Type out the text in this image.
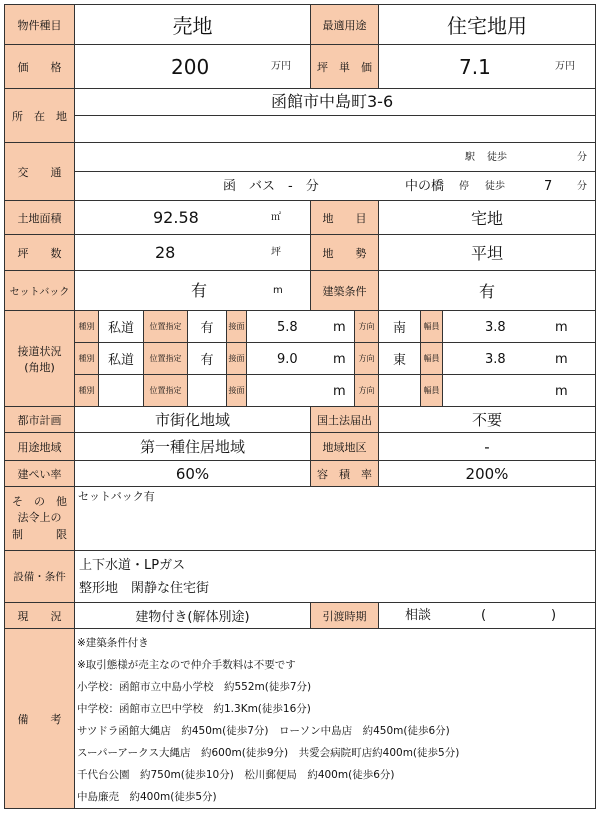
物件種目	売地	最適用途	住宅地用
価　　格	200	万円	坪　単　価	7.1	万円
所　在　地
函館市中島町3-6
交　　通
駅 徒歩	分
函　バス　-　分	中の橋 停 徒歩	7 分
土地面積	92.58	㎡	地　　目	宅地
坪　　数	28	坪	地　　勢	平坦
セットバック	有	m	建築条件	有
接道状況
(角地)
種別	私道	位置指定	有	接面	5.8	m	方向	南	幅員	3.8	m
種別	私道	位置指定	有	接面	9.0	m	方向	東	幅員	3.8	m
種別	位置指定	接面	m	方向	幅員	m
都市計画	市街化地域	国土法届出	不要
用途地域	第一種住居地域	地域地区	-
建ぺい率	60%	容　積　率	200%
そ　の　他
法令上の
制　　　限
セットバック有
設備・条件
上下水道・LPガス
整形地　閑静な住宅街
現　　況	建物付き(解体別途)	引渡時期	相談	(	)
備　　考
※建築条件付き
※取引態様が売主なので仲介手数料は不要です
小学校：函館市立中島小学校　約552m(徒歩7分)
中学校：函館市立巴中学校　約1.3Km(徒歩16分)
サツドラ函館大縄店　約450m(徒歩7分)　ローソン中島店　約450m(徒歩6分)
スーパーアークス大縄店　約600m(徒歩9分)　共愛会病院町店約400m(徒歩5分)
千代台公園　約750m(徒歩10分)　松川郵便局　約400m(徒歩6分)
中島廉売　約400m(徒歩5分)
